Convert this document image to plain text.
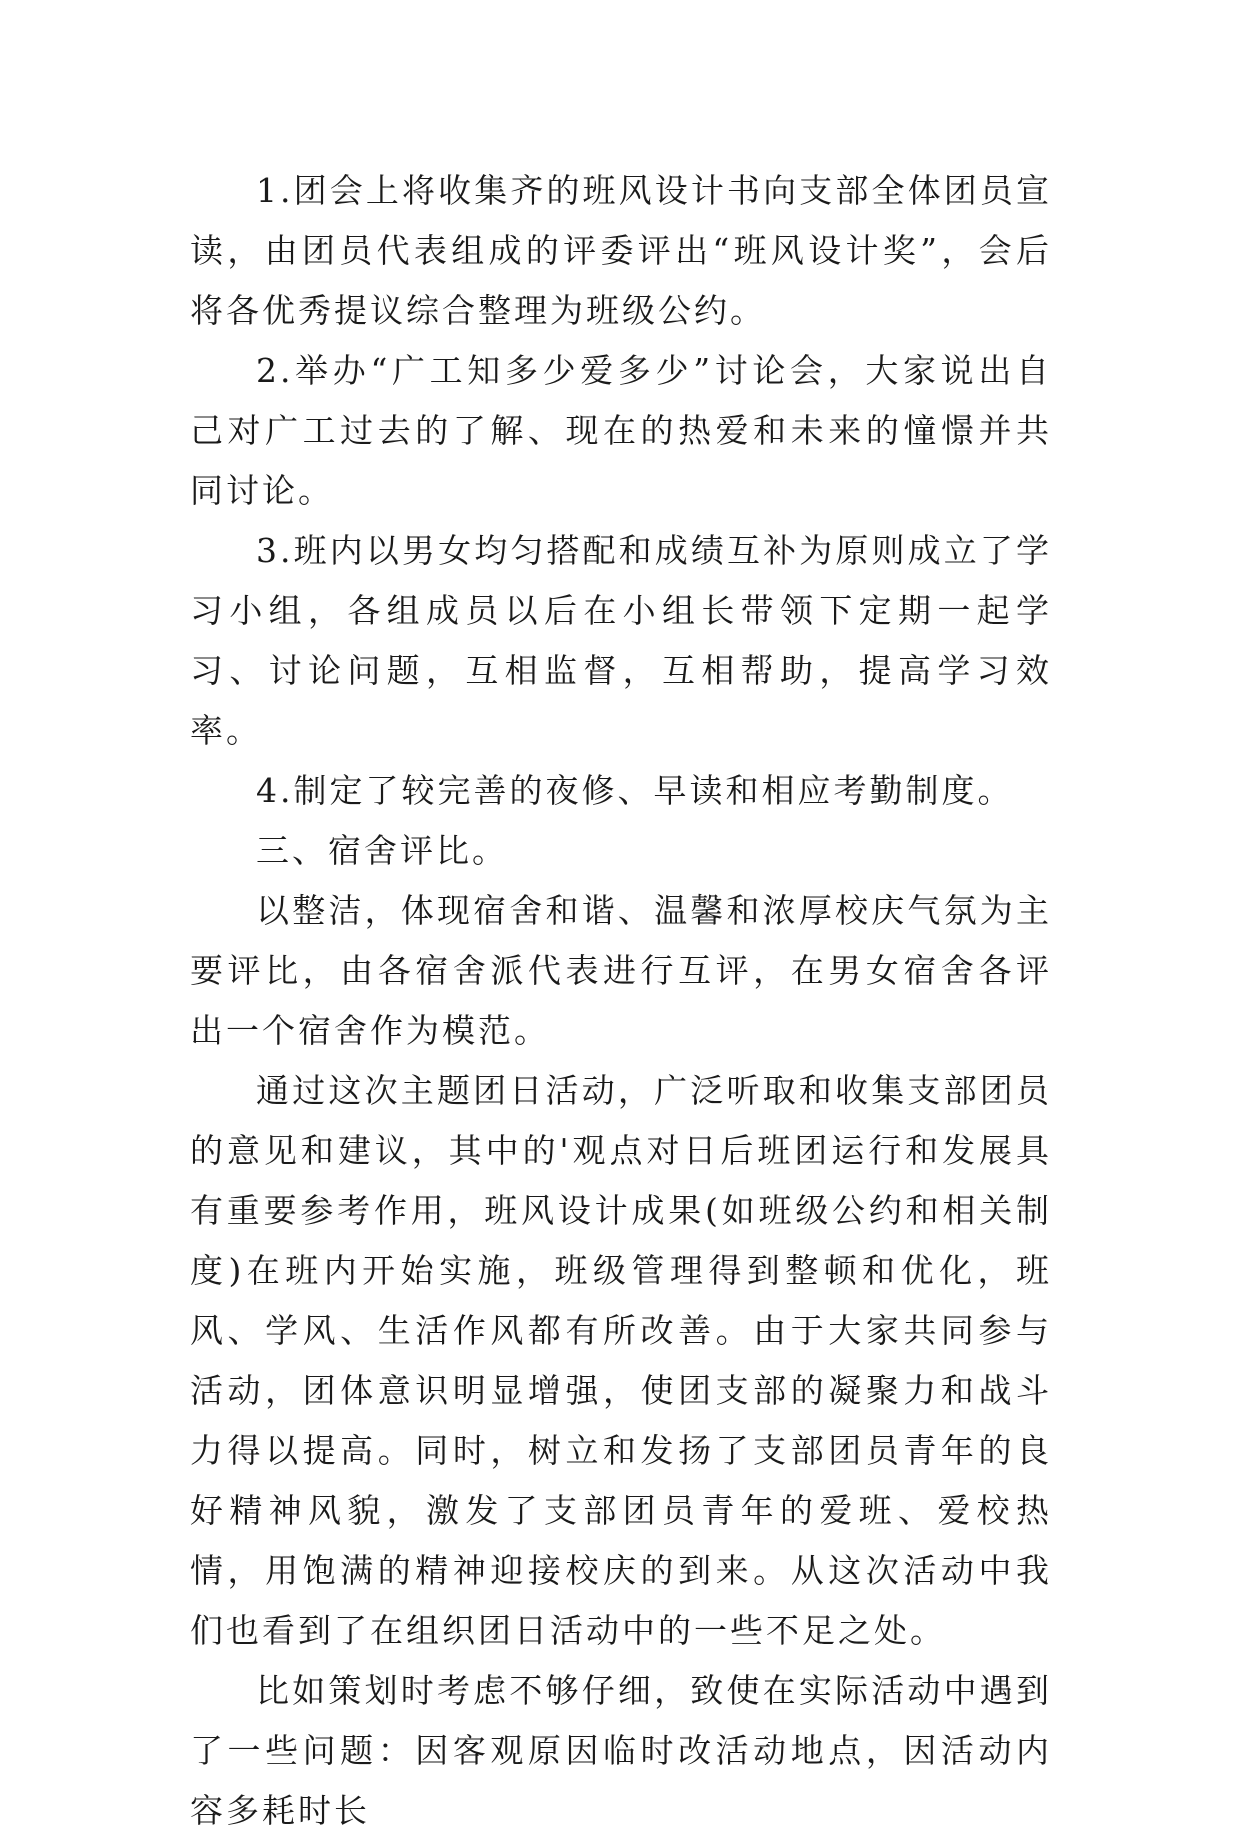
1.团会上将收集齐的班风设计书向支部全体团员宣读，由团员代表组成的评委评出“班风设计奖”，会后将各优秀提议综合整理为班级公约。

2.举办“广工知多少爱多少”讨论会，大家说出自己对广工过去的了解、现在的热爱和未来的憧憬并共同讨论。

3.班内以男女均匀搭配和成绩互补为原则成立了学习小组，各组成员以后在小组长带领下定期一起学习、讨论问题，互相监督，互相帮助，提高学习效率。

4.制定了较完善的夜修、早读和相应考勤制度。

三、宿舍评比。

以整洁，体现宿舍和谐、温馨和浓厚校庆气氛为主要评比，由各宿舍派代表进行互评，在男女宿舍各评出一个宿舍作为模范。

通过这次主题团日活动，广泛听取和收集支部团员的意见和建议，其中的'观点对日后班团运行和发展具有重要参考作用，班风设计成果(如班级公约和相关制度)在班内开始实施，班级管理得到整顿和优化，班风、学风、生活作风都有所改善。由于大家共同参与活动，团体意识明显增强，使团支部的凝聚力和战斗力得以提高。同时，树立和发扬了支部团员青年的良好精神风貌，激发了支部团员青年的爱班、爱校热情，用饱满的精神迎接校庆的到来。从这次活动中我们也看到了在组织团日活动中的一些不足之处。

比如策划时考虑不够仔细，致使在实际活动中遇到了一些问题：因客观原因临时改活动地点，因活动内容多耗时长
